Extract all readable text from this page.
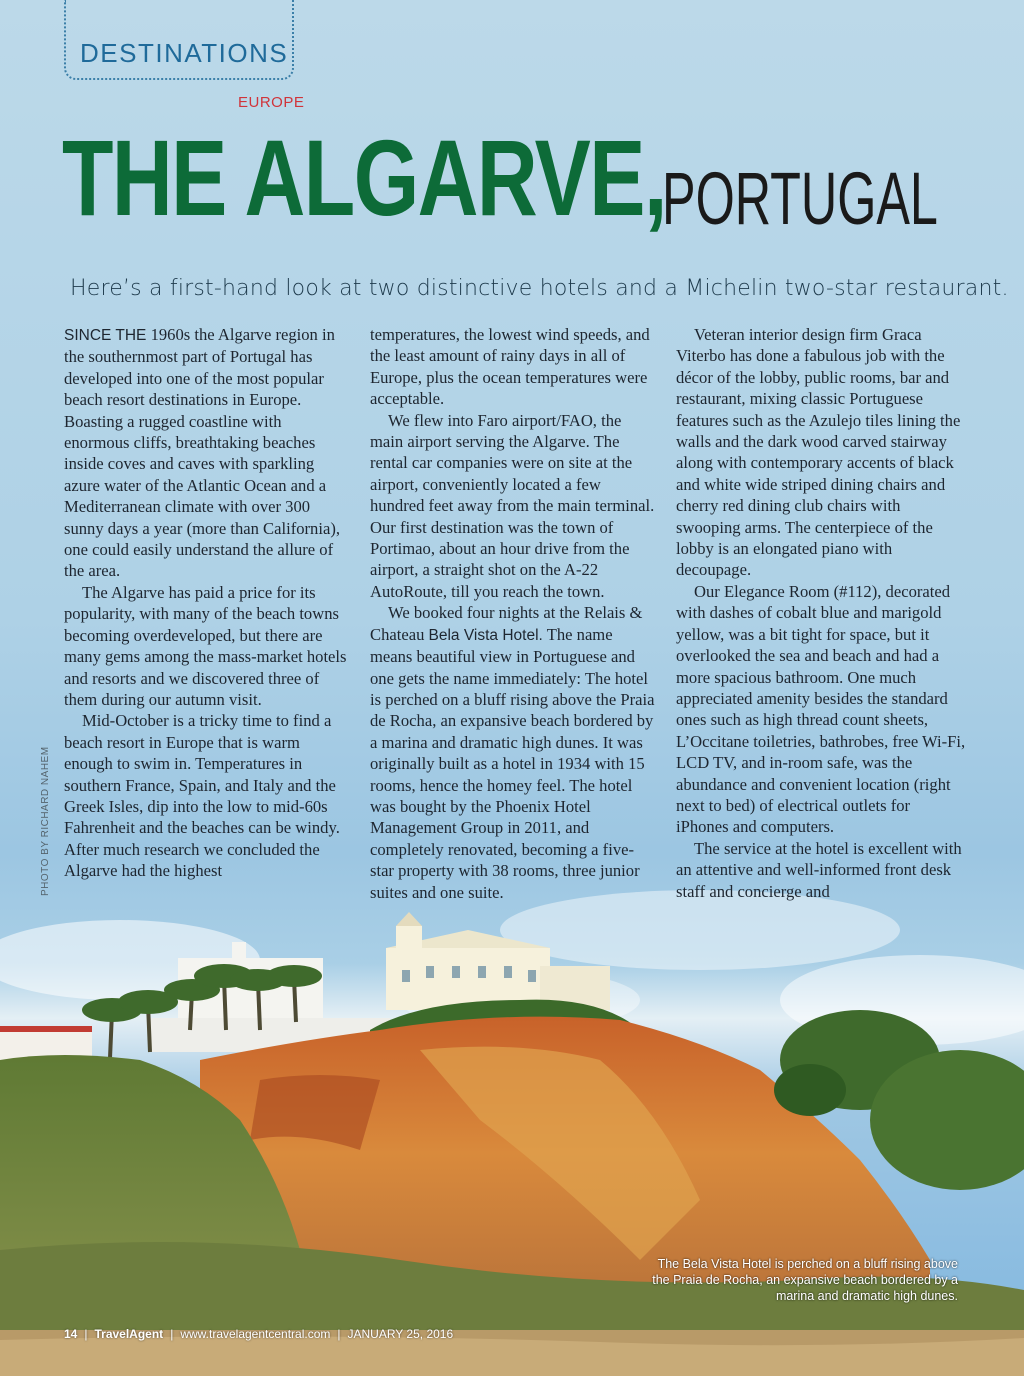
DESTINATIONS
EUROPE
THE ALGARVE,
PORTUGAL
Here’s a first-hand look at two distinctive hotels and a Michelin two-star restaurant.

SINCE THE 1960s the Algarve region in the southernmost part of Portugal has developed into one of the most popular beach resort destinations in Europe. Boasting a rugged coastline with enormous cliffs, breathtaking beaches inside coves and caves with sparkling azure water of the Atlantic Ocean and a Mediterranean climate with over 300 sunny days a year (more than California), one could easily understand the allure of the area.

The Algarve has paid a price for its popularity, with many of the beach towns becoming overdeveloped, but there are many gems among the mass-market hotels and resorts and we discovered three of them during our autumn visit.

Mid-October is a tricky time to find a beach resort in Europe that is warm enough to swim in. Temperatures in southern France, Spain, and Italy and the Greek Isles, dip into the low to mid-60s Fahrenheit and the beaches can be windy. After much research we concluded the Algarve had the highest

temperatures, the lowest wind speeds, and the least amount of rainy days in all of Europe, plus the ocean temperatures were acceptable.

We flew into Faro airport/FAO, the main airport serving the Algarve. The rental car companies were on site at the airport, conveniently located a few hundred feet away from the main terminal. Our first destination was the town of Portimao, about an hour drive from the airport, a straight shot on the A-22 AutoRoute, till you reach the town.

We booked four nights at the Relais & Chateau Bela Vista Hotel. The name means beautiful view in Portuguese and one gets the name immediately: The hotel is perched on a bluff rising above the Praia de Rocha, an expansive beach bordered by a marina and dramatic high dunes. It was originally built as a hotel in 1934 with 15 rooms, hence the homey feel. The hotel was bought by the Phoenix Hotel Management Group in 2011, and completely renovated, becoming a five-star property with 38 rooms, three junior suites and one suite.

Veteran interior design firm Graca Viterbo has done a fabulous job with the décor of the lobby, public rooms, bar and restaurant, mixing classic Portuguese features such as the Azulejo tiles lining the walls and the dark wood carved stairway along with contemporary accents of black and white wide striped dining chairs and cherry red dining club chairs with swooping arms. The centerpiece of the lobby is an elongated piano with decoupage.

Our Elegance Room (#112), decorated with dashes of cobalt blue and marigold yellow, was a bit tight for space, but it overlooked the sea and beach and had a more spacious bathroom. One much appreciated amenity besides the standard ones such as high thread count sheets, L’Occitane toiletries, bathrobes, free Wi-Fi, LCD TV, and in-room safe, was the abundance and convenient location (right next to bed) of electrical outlets for iPhones and computers.

The service at the hotel is excellent with an attentive and well-informed front desk staff and concierge and

PHOTO BY RICHARD NAHEM
The Bela Vista Hotel is perched on a bluff rising above the Praia de Rocha, an expansive beach bordered by a marina and dramatic high dunes.
14 | TravelAgent | www.travelagentcentral.com | JANUARY 25, 2016
